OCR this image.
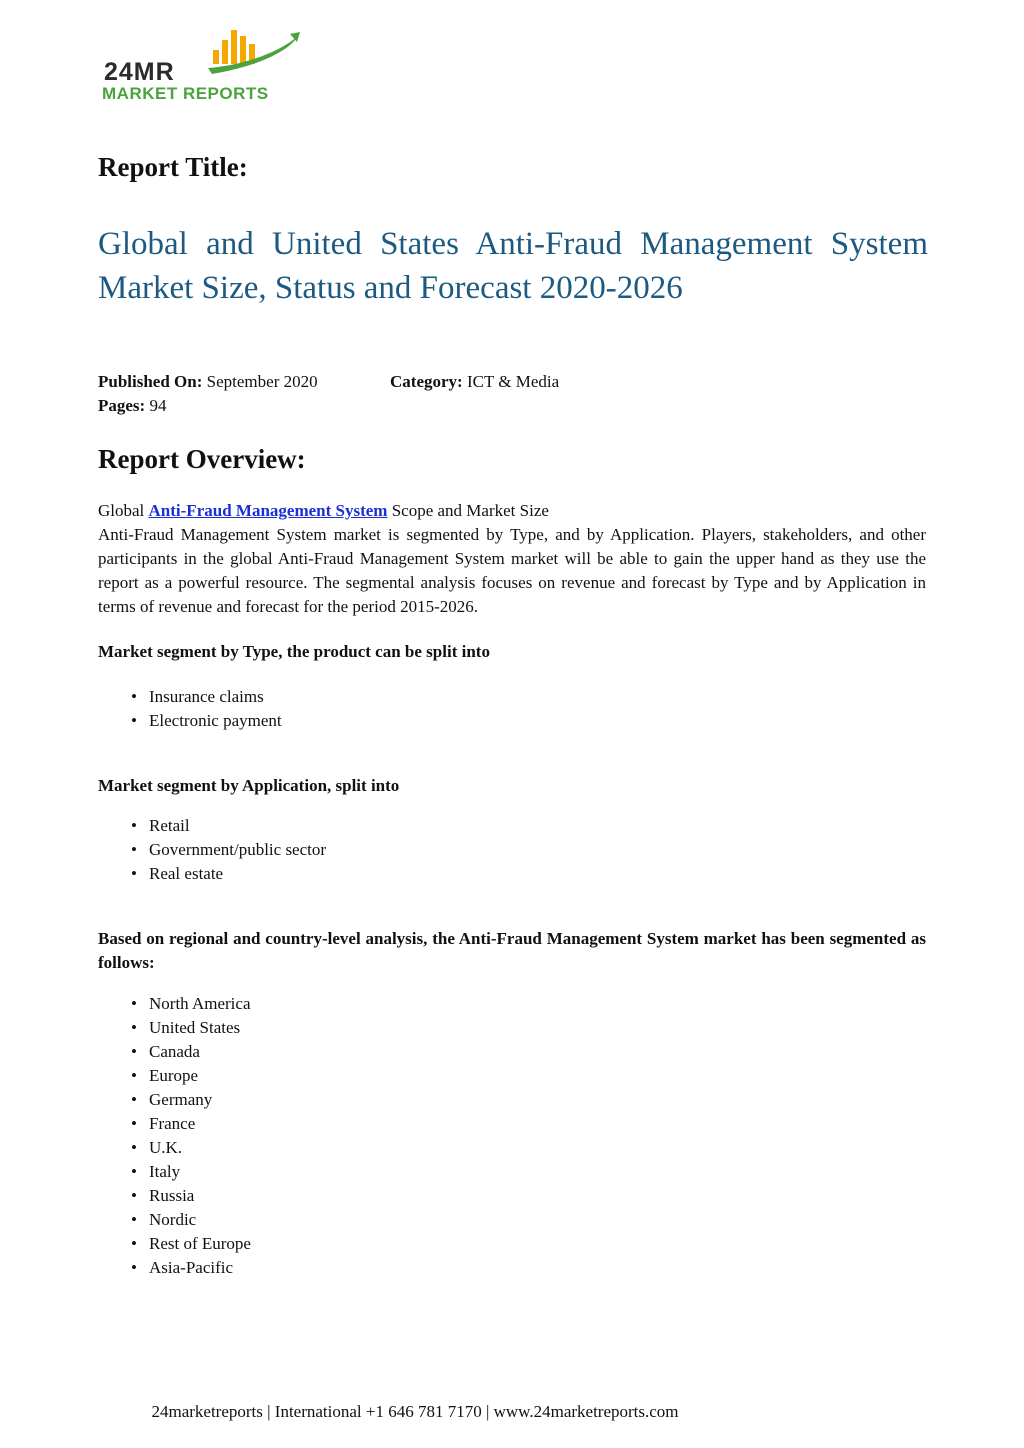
24MR
MARKET REPORTS
Report Title:
Global and United States Anti-Fraud Management System Market Size, Status and Forecast 2020-2026
Published On: September 2020
Pages: 94
Category: ICT & Media
Report Overview:
Global Anti-Fraud Management System Scope and Market Size

Anti-Fraud Management System market is segmented by Type, and by Application. Players, stakeholders, and other participants in the global Anti-Fraud Management System market will be able to gain the upper hand as they use the report as a powerful resource. The segmental analysis focuses on revenue and forecast by Type and by Application in terms of revenue and forecast for the period 2015-2026.

Market segment by Type, the product can be split into

• Insurance claims
• Electronic payment

Market segment by Application, split into

• Retail
• Government/public sector
• Real estate

Based on regional and country-level analysis, the Anti-Fraud Management System market has been segmented as follows:

• North America
• United States
• Canada
• Europe
• Germany
• France
• U.K.
• Italy
• Russia
• Nordic
• Rest of Europe
• Asia-Pacific
24marketreports | International +1 646 781 7170 | www.24marketreports.com
